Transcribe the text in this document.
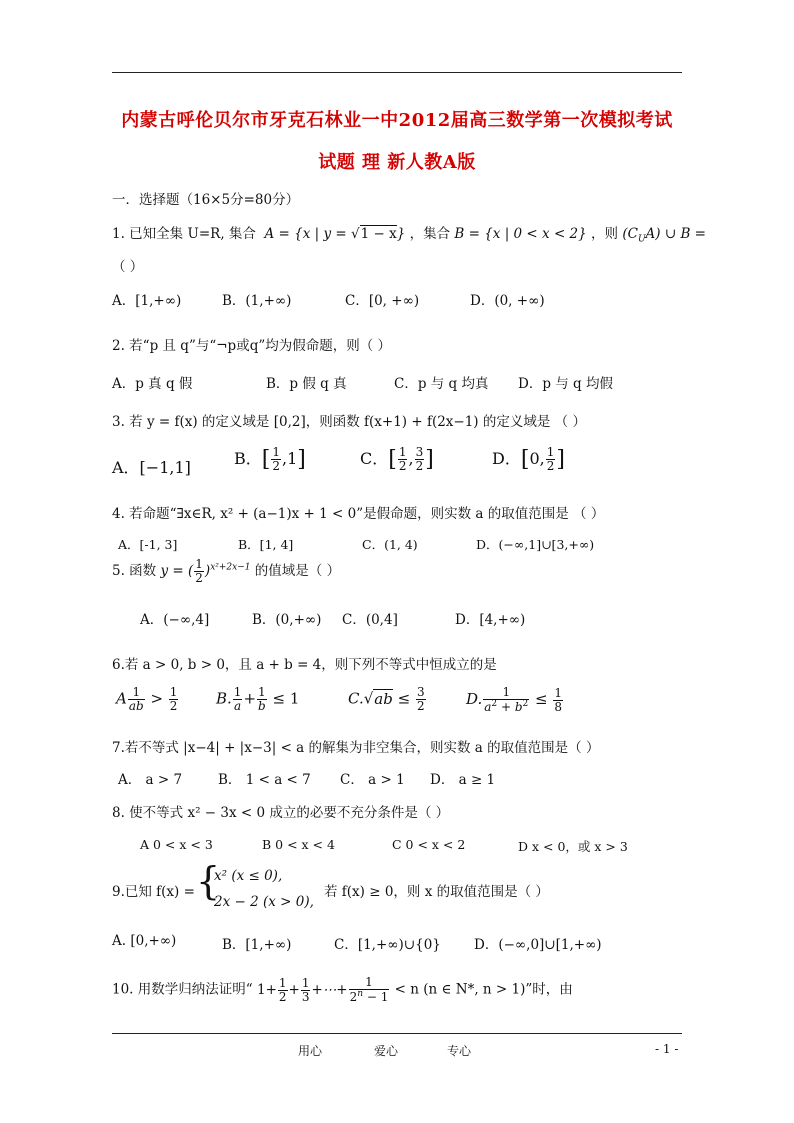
内蒙古呼伦贝尔市牙克石林业一中2012届高三数学第一次模拟考试
试题 理 新人教A版
一．选择题（16×5分=80分）
1. 已知全集 U=R, 集合  A = {x | y = √1 − x} ，集合 B = {x | 0 < x < 2} ，则 $(C_UA)$ ∪ B =
（ ）
A．[1,+∞)	B．(1,+∞)	C．[0, +∞)	D．(0, +∞)
2. 若“p 且 q”与“¬p或q”均为假命题，则（ ）
A．p 真 q 假	B．p 假 q 真	C．p 与 q 均真 D．p 与 q 均假
3. 若 y = f(x) 的定义域是 [0,2]，则函数 f(x+1) + f(2x−1) 的定义域是 （ ）
A．[−1,1]	B．[ $\frac{1}{2} ,1$]	C．[ $\frac{1}{2}$ , $\frac{3}{2}$ ]	D．[0, $\frac{1}{2}$ ]
4. 若命题“∃x∈R, x² + (a−1)x + 1 < 0”是假命题，则实数 a 的取值范围是 （ ）
A．[-1, 3]	B．[1, 4]	C．(1, 4)	D．(−∞,1]∪[3,+∞)
5. 函数 y = ( $\frac{1}{2} )^{x^2+2x-1}$ 的值域是（ ）
A．(−∞,4]	B．(0,+∞) C．(0,4]	D．[4,+∞)
6.若 a > 0, b > 0，且 a + b = 4，则下列不等式中恒成立的是
A $\frac{1}{ab} > \frac{1}{2}$	B. $\frac{1}{a} + \frac{1}{b} \le 1$	$C.√ab \le \frac{3}{2}$	D. $\frac{1}{a^2 + b^2} \le \frac{1}{8}$
7.若不等式 |x−4| + |x−3| < a 的解集为非空集合，则实数 a 的取值范围是（ ）
A． a > 7	B． 1 < a < 7 C． a > 1 D． a ≥ 1
8. 使不等式 x² − 3x < 0 成立的必要不充分条件是（ ）
A 0 < x < 3	B 0 < x < 4	C 0 < x < 2	D x < 0，或 x > 3
9.已知 f(x) = {
x² (x ≤ 0),
2x − 2 (x > 0),
若 f(x) ≥ 0，则 x 的取值范围是（ ）
A. [0,+∞)	B．[1,+∞)	C．[1,+∞)∪{0} D．(−∞,0]∪[1,+∞)
10. 用数学归纳法证明“ $1+ \frac{1}{2} + \frac{1}{3}$ +⋯+ $\frac{1}{2^n - 1} < n$ (n ∈ N*, n > 1)”时，由
用心	爱心	专心	- 1 -
